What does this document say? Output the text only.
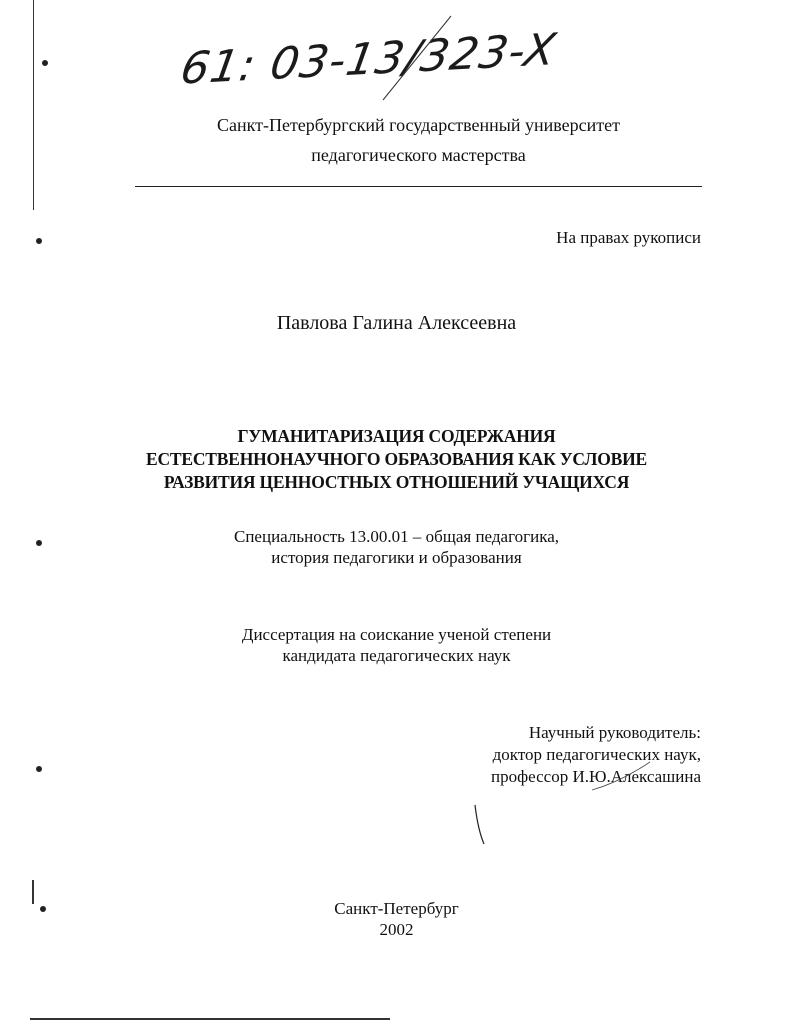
61: 03-13/323-X
Санкт-Петербургский государственный университет
педагогического мастерства
На правах рукописи
Павлова Галина Алексеевна
ГУМАНИТАРИЗАЦИЯ СОДЕРЖАНИЯ
ЕСТЕСТВЕННОНАУЧНОГО ОБРАЗОВАНИЯ КАК УСЛОВИЕ
РАЗВИТИЯ ЦЕННОСТНЫХ ОТНОШЕНИЙ УЧАЩИХСЯ
Специальность 13.00.01 – общая педагогика,
история педагогики и образования
Диссертация на соискание ученой степени
кандидата педагогических наук
Научный руководитель:
доктор педагогических наук,
профессор И.Ю.Алексашина
Санкт-Петербург
2002
